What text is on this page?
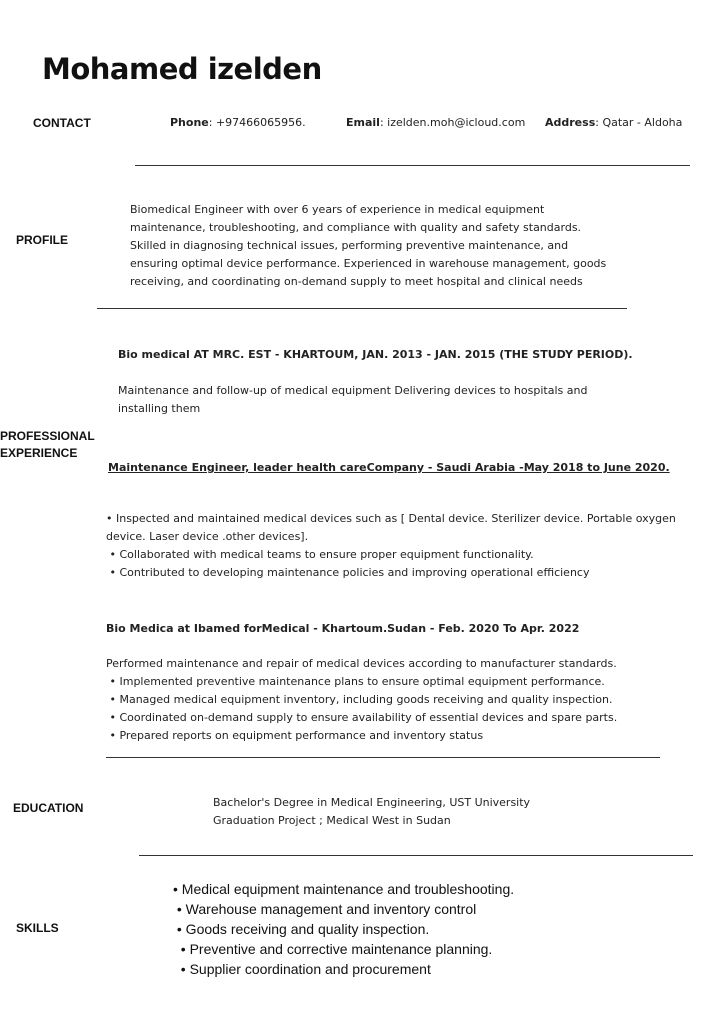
Mohamed izelden
CONTACT	Phone: +97466065956.	Email: izelden.moh@icloud.com Address: Qatar - Aldoha
PROFILE
Biomedical Engineer with over 6 years of experience in medical equipment
maintenance, troubleshooting, and compliance with quality and safety standards.
Skilled in diagnosing technical issues, performing preventive maintenance, and
ensuring optimal device performance. Experienced in warehouse management, goods
receiving, and coordinating on-demand supply to meet hospital and clinical needs
PROFESSIONAL
EXPERIENCE
Bio medical AT MRC. EST - KHARTOUM, JAN. 2013 - JAN. 2015 (THE STUDY PERIOD).
Maintenance and follow-up of medical equipment Delivering devices to hospitals and
installing them
Maintenance Engineer, leader health careCompany - Saudi Arabia -May 2018 to June 2020.
• Inspected and maintained medical devices such as [ Dental device. Sterilizer device. Portable oxygen
device. Laser device .other devices].
• Collaborated with medical teams to ensure proper equipment functionality.
• Contributed to developing maintenance policies and improving operational efficiency
Bio Medica at Ibamed forMedical - Khartoum.Sudan - Feb. 2020 To Apr. 2022
Performed maintenance and repair of medical devices according to manufacturer standards.
• Implemented preventive maintenance plans to ensure optimal equipment performance.
• Managed medical equipment inventory, including goods receiving and quality inspection.
• Coordinated on-demand supply to ensure availability of essential devices and spare parts.
• Prepared reports on equipment performance and inventory status
EDUCATION	Bachelor's Degree in Medical Engineering, UST University
Graduation Project ; Medical West in Sudan
SKILLS
• Medical equipment maintenance and troubleshooting.
• Warehouse management and inventory control
• Goods receiving and quality inspection.
• Preventive and corrective maintenance planning.
• Supplier coordination and procurement
